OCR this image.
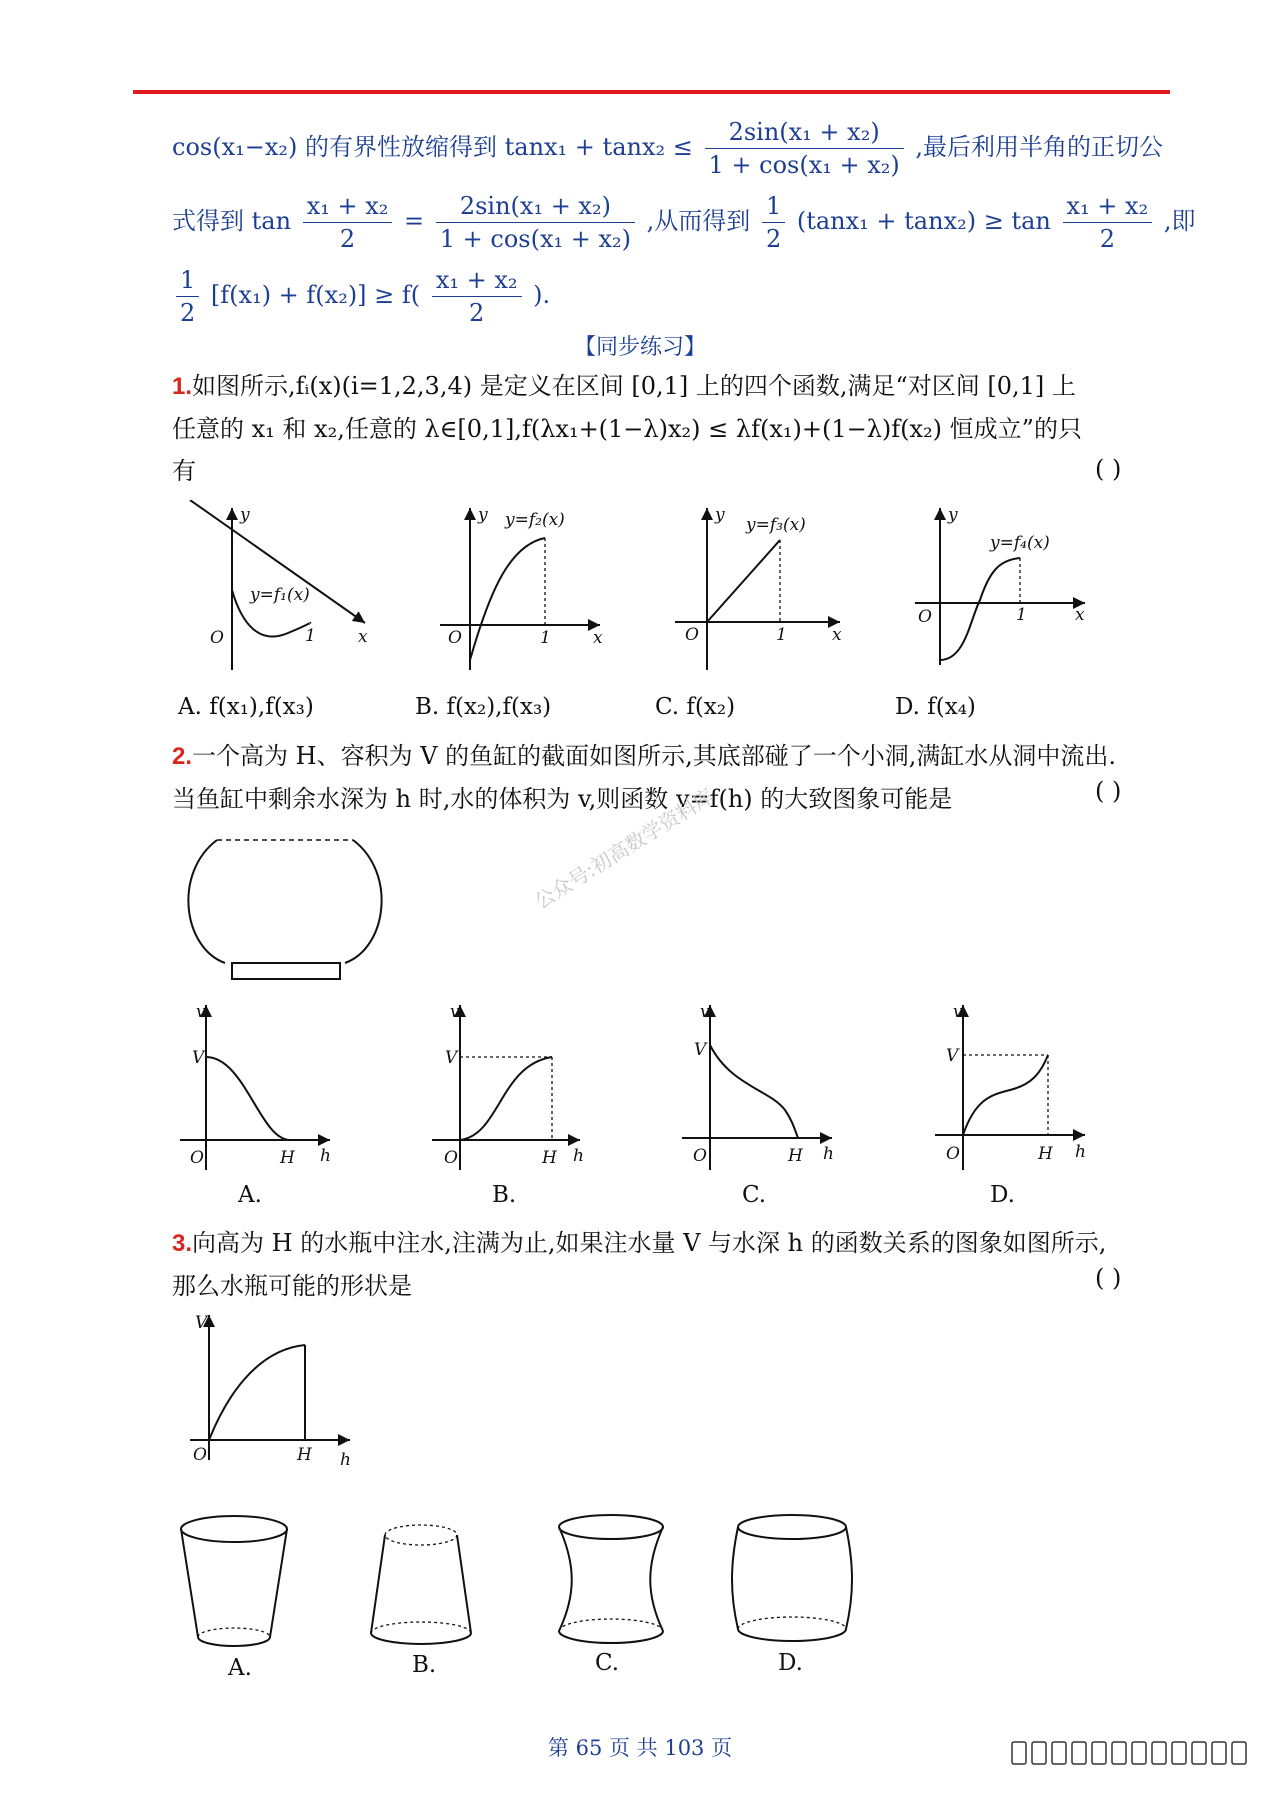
cos(x₁−x₂) 的有界性放缩得到 $\tan x_1 + \tan x_2 \le \frac{\text{2sin(x₁ + x₂)}}{\text{1 + cos(x₁ + x₂)}}$ ,最后利用半角的正切公
式得到 $\tan \frac{\text{x₁ + x₂}}{2} = \frac{\text{2sin(x₁ + x₂)}}{\text{1 + cos(x₁ + x₂)}}$ ,从而得到 $\frac{1}{2} (\tan x_1 + \tan x_2) \ge \tan \frac{\text{x₁ + x₂}}{2}$ ,即
$\frac{1}{2} [f(x_1) + f(x_2)] \ge f( \frac{\text{x₁ + x₂}}{2}$ ).
【同步练习】
1.如图所示,fᵢ(x)(i=1,2,3,4) 是定义在区间 [0,1] 上的四个函数,满足“对区间 [0,1] 上
任意的 x₁ 和 x₂,任意的 λ∈[0,1],f(λx₁+(1−λ)x₂) ≤ λf(x₁)+(1−λ)f(x₂) 恒成立”的只
有	( )
y
x
O	1
y=f₁(x)
y
x
O	1
y=f₂(x)	y
x
O	1
y=f₃(x)	y
x
O	1
y=f₄(x)
A. f(x₁),f(x₃)	B. f(x₂),f(x₃)	C. f(x₂)	D. f(x₄)
2.一个高为 H、容积为 V 的鱼缸的截面如图所示,其底部碰了一个小洞,满缸水从洞中流出.
当鱼缸中剩余水深为 h 时,水的体积为 v,则函数 v=f(h) 的大致图象可能是	( )
公众号:初高数学资料库
v
V
O	H h
v
V
O	H h
v
V
O	H h
v
V
O	H h
A.	B.	C.	D.
3.向高为 H 的水瓶中注水,注满为止,如果注水量 V 与水深 h 的函数关系的图象如图所示,
那么水瓶可能的形状是	( )
V
O	H h
A.	B.	C.	D.
第 65 页 共 103 页
